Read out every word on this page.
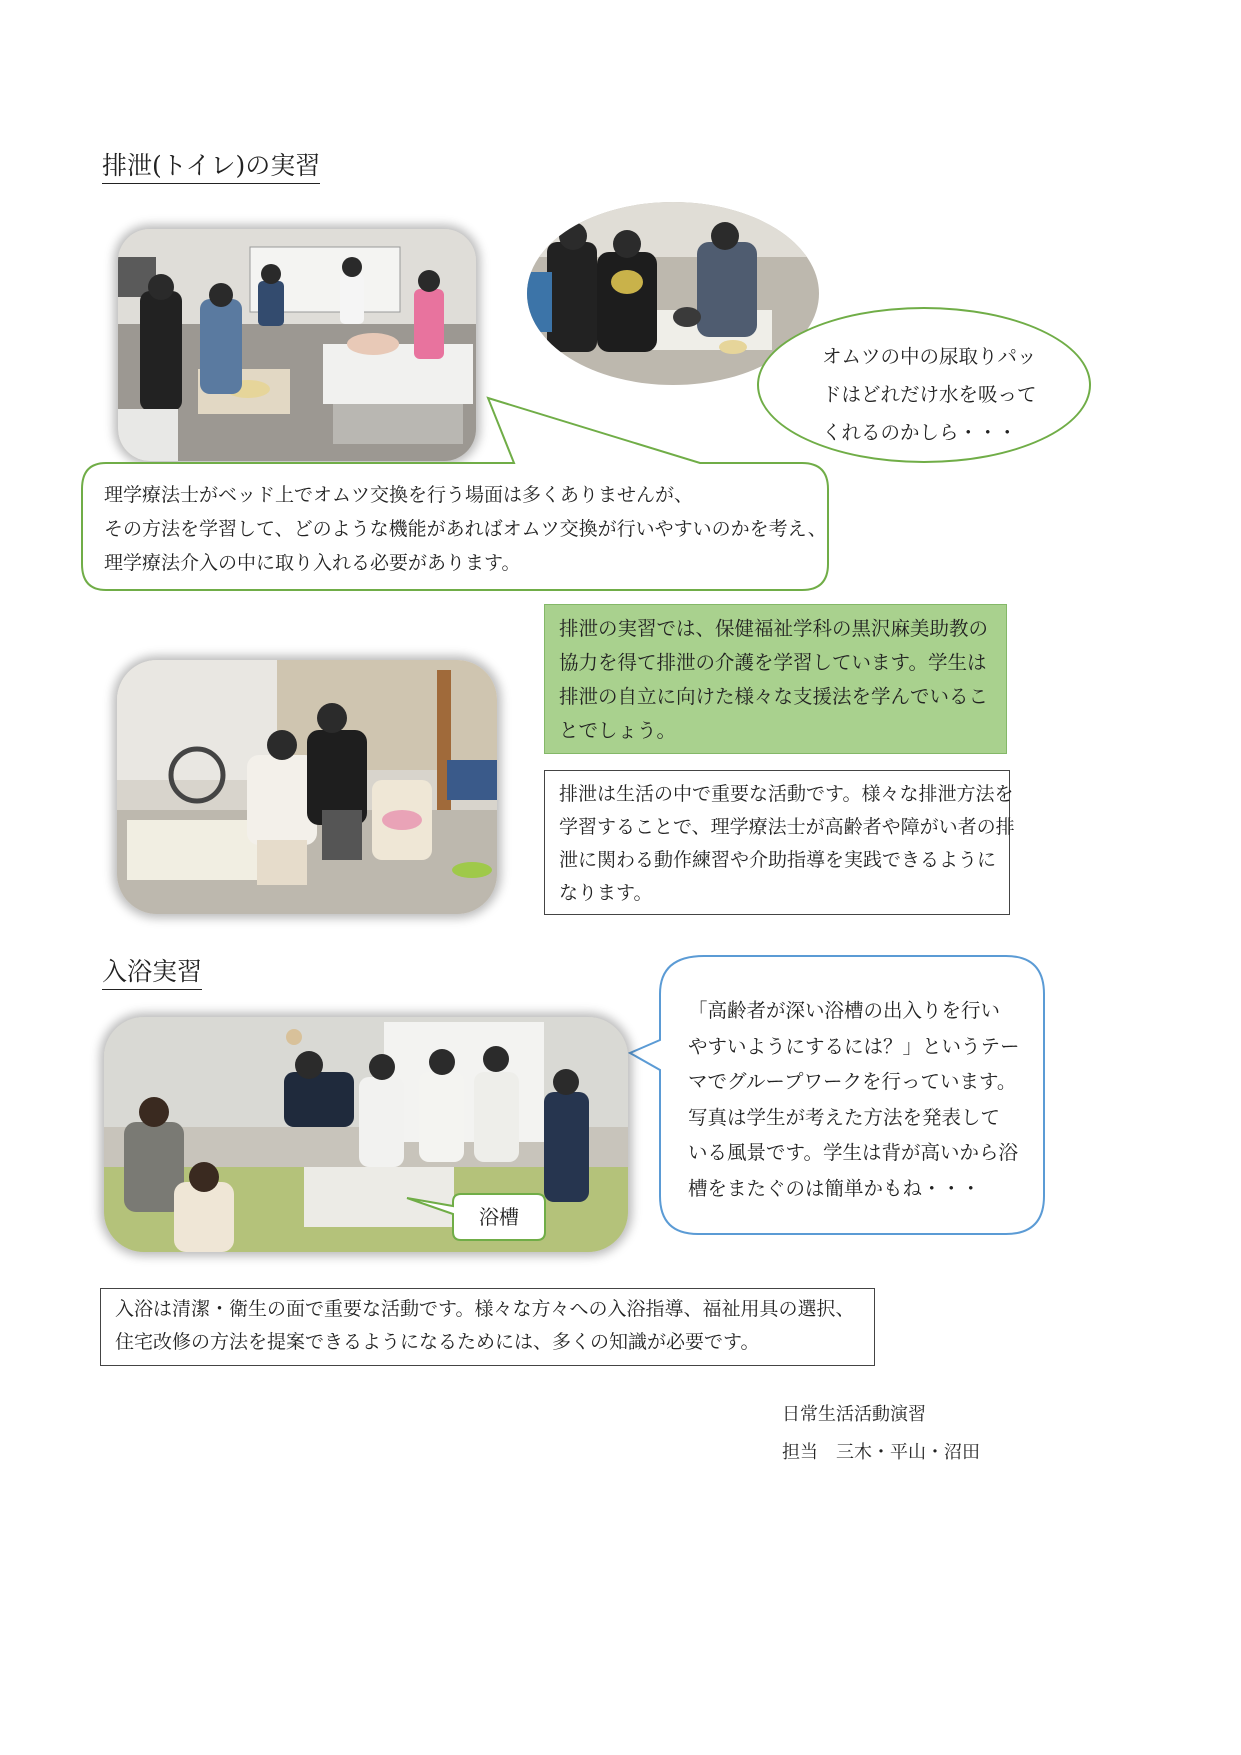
排泄(トイレ)の実習
オムツの中の尿取りパッ
ドはどれだけ水を吸って
くれるのかしら・・・
理学療法士がベッド上でオムツ交換を行う場面は多くありませんが、
その方法を学習して、どのような機能があればオムツ交換が行いやすいのかを考え、
理学療法介入の中に取り入れる必要があります。
排泄の実習では、保健福祉学科の黒沢麻美助教の
協力を得て排泄の介護を学習しています。学生は
排泄の自立に向けた様々な支援法を学んでいるこ
とでしょう。
排泄は生活の中で重要な活動です。様々な排泄方法を
学習することで、理学療法士が高齢者や障がい者の排
泄に関わる動作練習や介助指導を実践できるように
なります。
入浴実習
「高齢者が深い浴槽の出入りを行い
やすいようにするには？」というテー
マでグループワークを行っています。
写真は学生が考えた方法を発表して
いる風景です。学生は背が高いから浴
槽をまたぐのは簡単かもね・・・
浴槽
入浴は清潔・衛生の面で重要な活動です。様々な方々への入浴指導、福祉用具の選択、
住宅改修の方法を提案できるようになるためには、多くの知識が必要です。
日常生活活動演習
担当　三木・平山・沼田
